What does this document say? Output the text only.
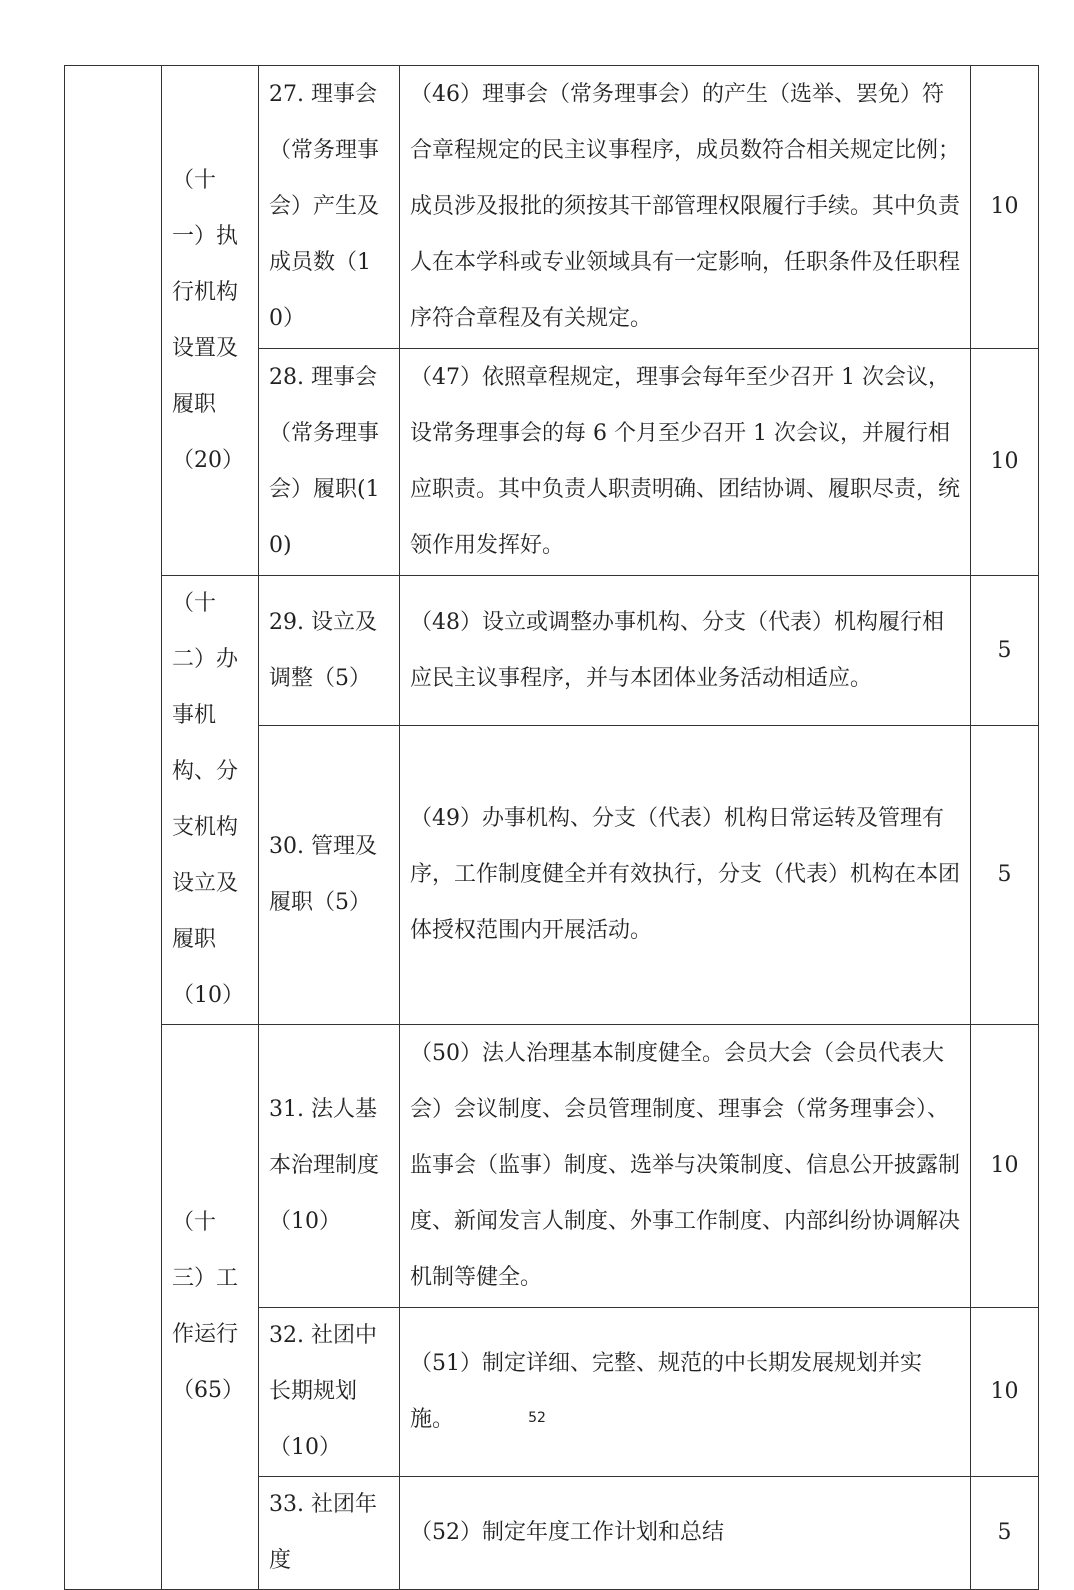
	（十一）执行机构设置及履职（20）	27. 理事会（常务理事会）产生及成员数（10）	（46）理事会（常务理事会）的产生（选举、罢免）符合章程规定的民主议事程序，成员数符合相关规定比例；成员涉及报批的须按其干部管理权限履行手续。其中负责人在本学科或专业领域具有一定影响，任职条件及任职程序符合章程及有关规定。	10
		28. 理事会（常务理事会）履职(10)	（47）依照章程规定，理事会每年至少召开 1 次会议，设常务理事会的每 6 个月至少召开 1 次会议，并履行相应职责。其中负责人职责明确、团结协调、履职尽责，统领作用发挥好。	10
	（十二）办事机构、分支机构设立及履职（10）	29. 设立及调整（5）	（48）设立或调整办事机构、分支（代表）机构履行相应民主议事程序，并与本团体业务活动相适应。	5
		30. 管理及履职（5）	（49）办事机构、分支（代表）机构日常运转及管理有序，工作制度健全并有效执行，分支（代表）机构在本团体授权范围内开展活动。	5
	（十三）工作运行（65）	31. 法人基本治理制度（10）	（50）法人治理基本制度健全。会员大会（会员代表大会）会议制度、会员管理制度、理事会（常务理事会）、监事会（监事）制度、选举与决策制度、信息公开披露制度、新闻发言人制度、外事工作制度、内部纠纷协调解决机制等健全。	10
		32. 社团中长期规划（10）	（51）制定详细、完整、规范的中长期发展规划并实施。	10
		33. 社团年度	（52）制定年度工作计划和总结	5
52
